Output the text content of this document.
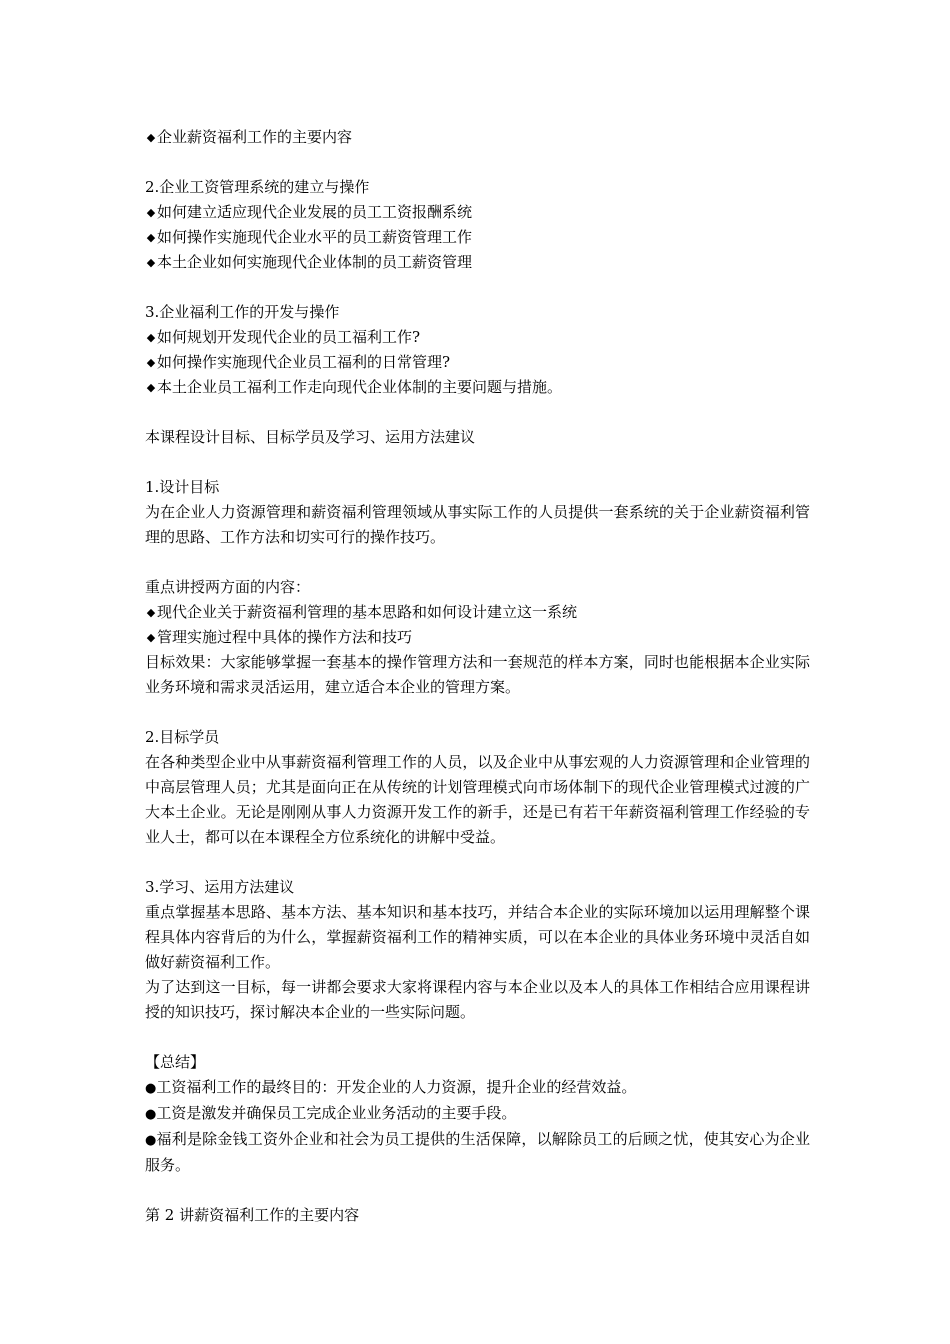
◆ 企业薪资福利工作的主要内容
2.企业工资管理系统的建立与操作
◆ 如何建立适应现代企业发展的员工工资报酬系统
◆ 如何操作实施现代企业水平的员工薪资管理工作
◆ 本土企业如何实施现代企业体制的员工薪资管理
3.企业福利工作的开发与操作
◆ 如何规划开发现代企业的员工福利工作?
◆ 如何操作实施现代企业员工福利的日常管理?
◆ 本土企业员工福利工作走向现代企业体制的主要问题与措施。
本课程设计目标、目标学员及学习、运用方法建议
1.设计目标
为在企业人力资源管理和薪资福利管理领域从事实际工作的人员提供一套系统的关于企业薪资福利管理的思路、工作方法和切实可行的操作技巧。
重点讲授两方面的内容：
◆ 现代企业关于薪资福利管理的基本思路和如何设计建立这一系统
◆ 管理实施过程中具体的操作方法和技巧
目标效果：大家能够掌握一套基本的操作管理方法和一套规范的样本方案，同时也能根据本企业实际业务环境和需求灵活运用，建立适合本企业的管理方案。
2.目标学员
在各种类型企业中从事薪资福利管理工作的人员，以及企业中从事宏观的人力资源管理和企业管理的中高层管理人员；尤其是面向正在从传统的计划管理模式向市场体制下的现代企业管理模式过渡的广大本土企业。无论是刚刚从事人力资源开发工作的新手，还是已有若干年薪资福利管理工作经验的专业人士，都可以在本课程全方位系统化的讲解中受益。
3.学习、运用方法建议
重点掌握基本思路、基本方法、基本知识和基本技巧，并结合本企业的实际环境加以运用理解整个课程具体内容背后的为什么，掌握薪资福利工作的精神实质，可以在本企业的具体业务环境中灵活自如做好薪资福利工作。
为了达到这一目标，每一讲都会要求大家将课程内容与本企业以及本人的具体工作相结合应用课程讲授的知识技巧，探讨解决本企业的一些实际问题。
【总结】
●工资福利工作的最终目的：开发企业的人力资源，提升企业的经营效益。
●工资是激发并确保员工完成企业业务活动的主要手段。
●福利是除金钱工资外企业和社会为员工提供的生活保障，以解除员工的后顾之忧，使其安心为企业服务。
第 2 讲薪资福利工作的主要内容
